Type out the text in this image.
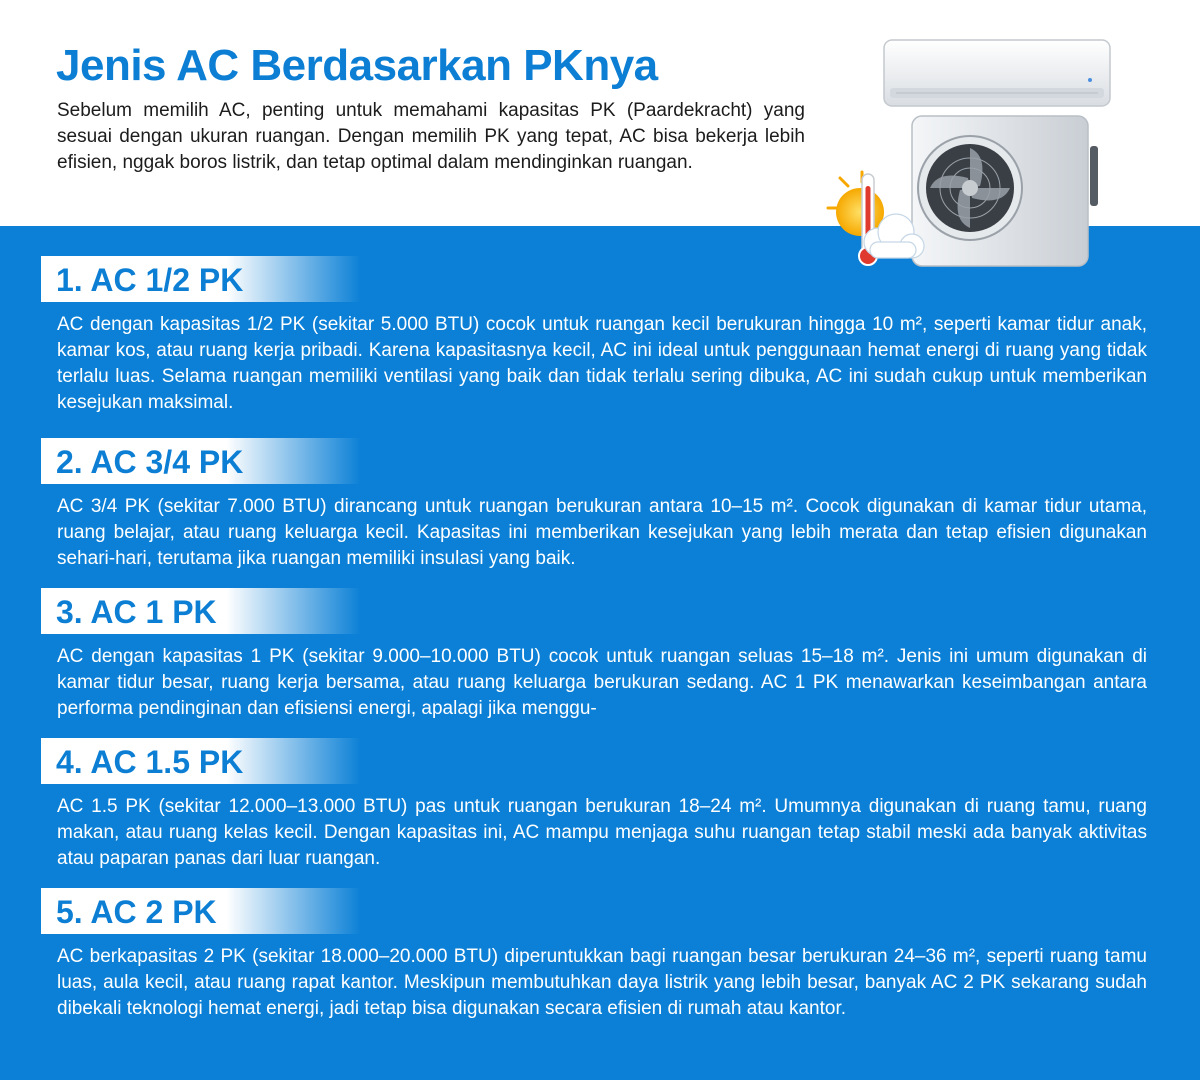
Jenis AC Berdasarkan PKnya

Sebelum memilih AC, penting untuk memahami kapasitas PK (Paardekracht) yang sesuai dengan ukuran ruangan. Dengan memilih PK yang tepat, AC bisa bekerja lebih efisien, nggak boros listrik, dan tetap optimal dalam mendinginkan ruangan.

1. AC 1/2 PK

AC dengan kapasitas 1/2 PK (sekitar 5.000 BTU) cocok untuk ruangan kecil berukuran hingga 10 m², seperti kamar tidur anak, kamar kos, atau ruang kerja pribadi. Karena kapasitasnya kecil, AC ini ideal untuk penggunaan hemat energi di ruang yang tidak terlalu luas. Selama ruangan memiliki ventilasi yang baik dan tidak terlalu sering dibuka, AC ini sudah cukup untuk memberikan kesejukan maksimal.

2. AC 3/4 PK

AC 3/4 PK (sekitar 7.000 BTU) dirancang untuk ruangan berukuran antara 10–15 m². Cocok digunakan di kamar tidur utama, ruang belajar, atau ruang keluarga kecil. Kapasitas ini memberikan kesejukan yang lebih merata dan tetap efisien digunakan sehari-hari, terutama jika ruangan memiliki insulasi yang baik.

3. AC 1 PK

AC dengan kapasitas 1 PK (sekitar 9.000–10.000 BTU) cocok untuk ruangan seluas 15–18 m². Jenis ini umum digunakan di kamar tidur besar, ruang kerja bersama, atau ruang keluarga berukuran sedang. AC 1 PK menawarkan keseimbangan antara performa pendinginan dan efisiensi energi, apalagi jika menggu-

4. AC 1.5 PK

AC 1.5 PK (sekitar 12.000–13.000 BTU) pas untuk ruangan berukuran 18–24 m². Umumnya digunakan di ruang tamu, ruang makan, atau ruang kelas kecil. Dengan kapasitas ini, AC mampu menjaga suhu ruangan tetap stabil meski ada banyak aktivitas atau paparan panas dari luar ruangan.

5. AC 2 PK

AC berkapasitas 2 PK (sekitar 18.000–20.000 BTU) diperuntukkan bagi ruangan besar berukuran 24–36 m², seperti ruang tamu luas, aula kecil, atau ruang rapat kantor. Meskipun membutuhkan daya listrik yang lebih besar, banyak AC 2 PK sekarang sudah dibekali teknologi hemat energi, jadi tetap bisa digunakan secara efisien di rumah atau kantor.
